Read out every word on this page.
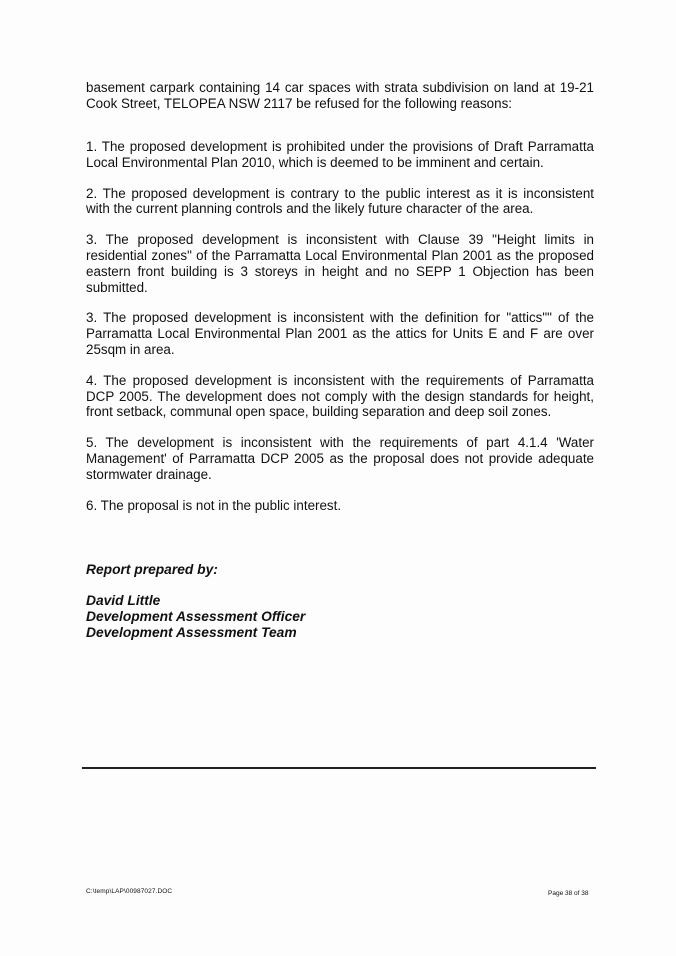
basement carpark containing 14 car spaces with strata subdivision on land at 19-21 Cook Street, TELOPEA NSW 2117 be refused for the following reasons:

1. The proposed development is prohibited under the provisions of Draft Parramatta Local Environmental Plan 2010, which is deemed to be imminent and certain.
2. The proposed development is contrary to the public interest as it is inconsistent with the current planning controls and the likely future character of the area.
3. The proposed development is inconsistent with Clause 39 "Height limits in residential zones" of the Parramatta Local Environmental Plan 2001 as the proposed eastern front building is 3 storeys in height and no SEPP 1 Objection has been submitted.
3. The proposed development is inconsistent with the definition for "attics"" of the Parramatta Local Environmental Plan 2001 as the attics for Units E and F are over 25sqm in area.
4. The proposed development is inconsistent with the requirements of Parramatta DCP 2005. The development does not comply with the design standards for height, front setback, communal open space, building separation and deep soil zones.
5. The development is inconsistent with the requirements of part 4.1.4 'Water Management' of Parramatta DCP 2005 as the proposal does not provide adequate stormwater drainage.
6. The proposal is not in the public interest.
Report prepared by:
David Little
Development Assessment Officer
Development Assessment Team
C:\temp\LAP\00987027.DOC	Page 38 of 38
